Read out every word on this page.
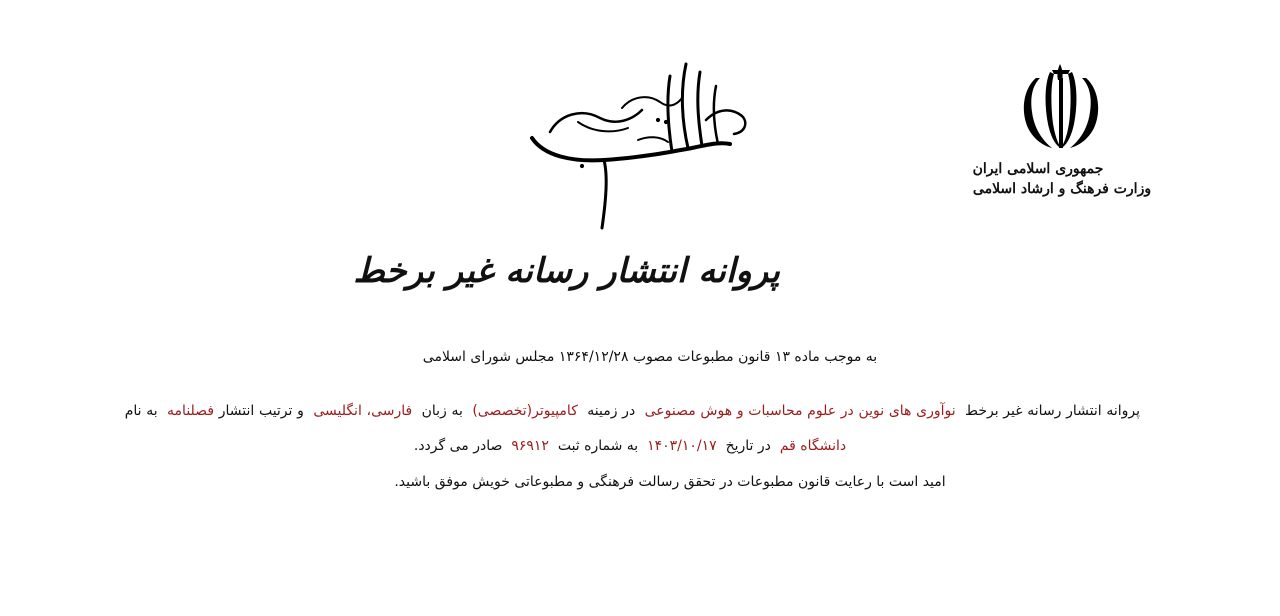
جمهوری اسلامی ایران
وزارت فرهنگ و ارشاد اسلامی
پروانه انتشار رسانه غیر برخط

به موجب ماده ۱۳ قانون مطبوعات مصوب ۱۳۶۴/۱۲/۲۸ مجلس شورای اسلامی

پروانه انتشار رسانه غیر برخط  نوآوری های نوین در علوم محاسبات و هوش مصنوعی  در زمینه  کامپیوتر(تخصصی)  به زبان  فارسی، انگلیسی  و ترتیب انتشار فصلنامه  به نام  دانشگاه قم  در تاریخ  ۱۴۰۳/۱۰/۱۷  به شماره ثبت  ۹۶۹۱۲  صادر می گردد.

امید است با رعایت قانون مطبوعات در تحقق رسالت فرهنگی و مطبوعاتی خویش موفق باشید.
